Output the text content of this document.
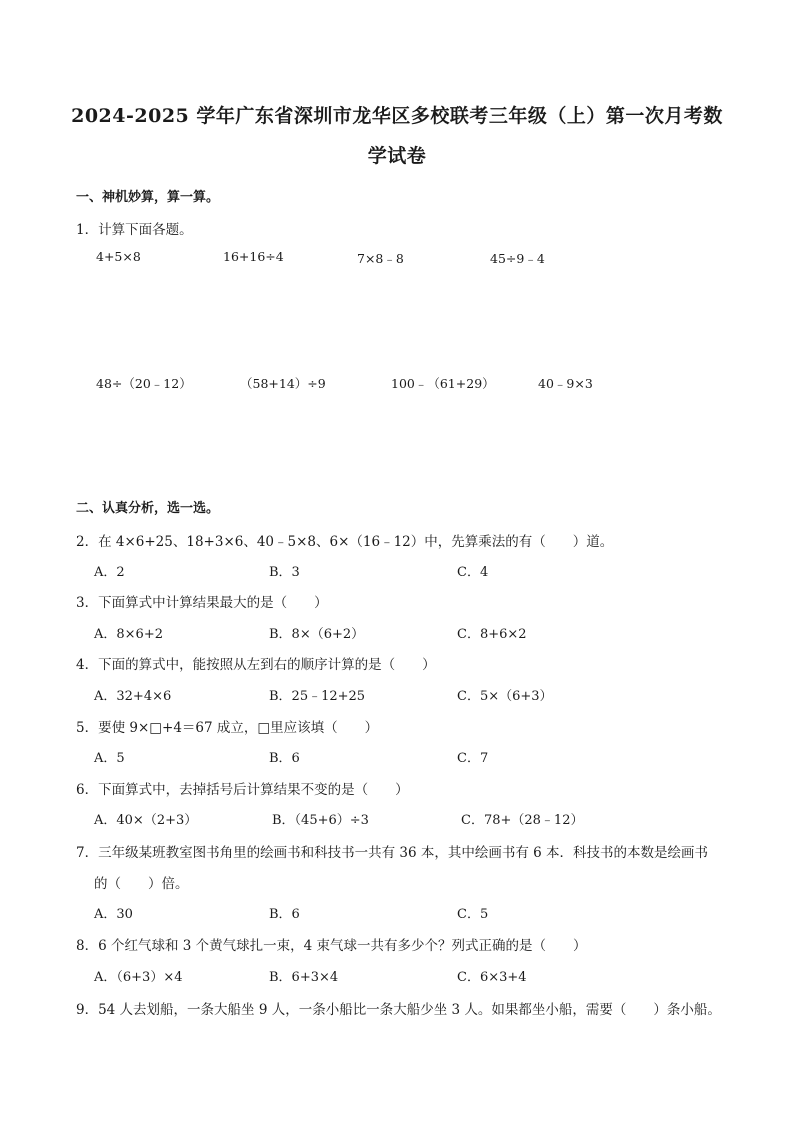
2024-2025 学年广东省深圳市龙华区多校联考三年级（上）第一次月考数
学试卷
一、神机妙算，算一算。
1．计算下面各题。
4+5×8	16+16÷4	7×8﹣8	45÷9﹣4
48÷（20﹣12）	（58+14）÷9	100﹣（61+29）	40﹣9×3
二、认真分析，选一选。
2．在 4×6+25、18+3×6、40﹣5×8、6×（16﹣12）中，先算乘法的有（　　）道。
A．2	B．3	C．4
3．下面算式中计算结果最大的是（　　）
A．8×6+2	B．8×（6+2）	C．8+6×2
4．下面的算式中，能按照从左到右的顺序计算的是（　　）
A．32+4×6	B．25﹣12+25	C．5×（6+3）
5．要使 9×□+4＝67 成立，□里应该填（　　）
A．5	B．6	C．7
6．下面算式中，去掉括号后计算结果不变的是（　　）
A．40×（2+3）	B．（45+6）÷3	C．78+（28﹣12）
7．三年级某班教室图书角里的绘画书和科技书一共有 36 本，其中绘画书有 6 本．科技书的本数是绘画书
的（　　）倍。
A．30	B．6	C．5
8．6 个红气球和 3 个黄气球扎一束，4 束气球一共有多少个？列式正确的是（　　）
A．（6+3）×4	B．6+3×4	C．6×3+4
9．54 人去划船，一条大船坐 9 人，一条小船比一条大船少坐 3 人。如果都坐小船，需要（　　）条小船。
